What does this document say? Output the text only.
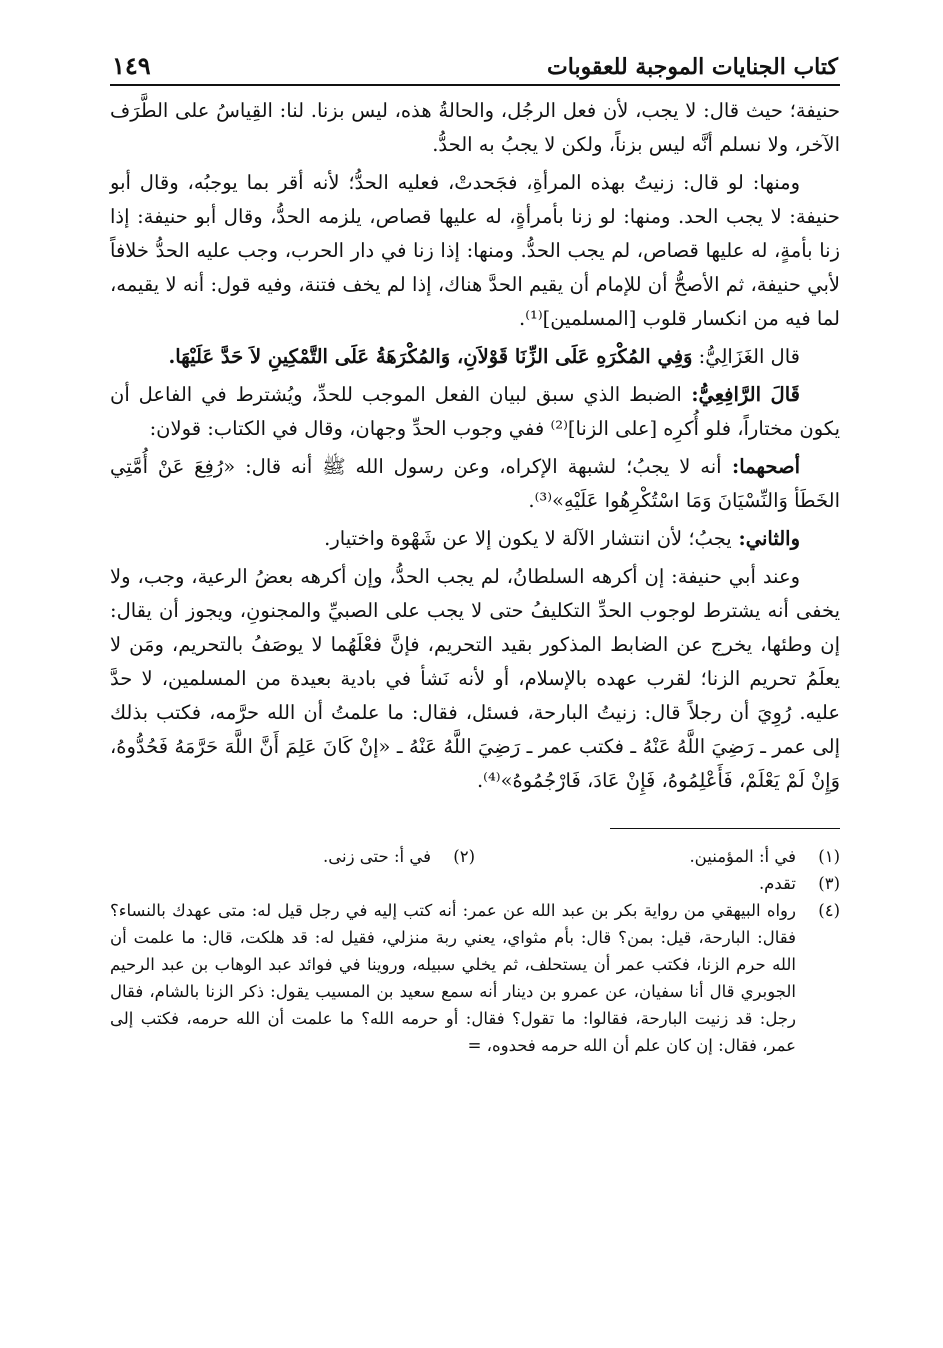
كتاب الجنايات الموجبة للعقوبات
١٤٩

حنيفة؛ حيث قال: لا يجب، لأن فعل الرجُل، والحالةُ هذه، ليس بزنا. لنا: القِياسُ على الطَّرَف الآخر، ولا نسلم أنَّه ليس بزناً، ولكن لا يجبُ به الحدُّ.

ومنها: لو قال: زنيتُ بهذه المرأةِ، فجَحدتْ، فعليه الحدُّ؛ لأنه أقر بما يوجبُه، وقال أبو حنيفة: لا يجب الحد. ومنها: لو زنا بأمرأةٍ، له عليها قصاص، يلزمه الحدُّ، وقال أبو حنيفة: إذا زنا بأمةٍ، له عليها قصاص، لم يجب الحدُّ. ومنها: إذا زنا في دار الحرب، وجب عليه الحدُّ خلافاً لأبي حنيفة، ثم الأصحُّ أن للإمام أن يقيم الحدَّ هناك، إذا لم يخف فتنة، وفيه قول: أنه لا يقيمه، لما فيه من انكسار قلوب [المسلمين]⁽¹⁾.

قال الغَزَالِيُّ: وَفِي المُكْرَهِ عَلَى الزِّنَا قَوْلاَنِ، وَالمُكْرَهَةُ عَلَى التَّمْكِينِ لاَ حَدَّ عَلَيْهَا.

قَالَ الرَّافِعِيُّ: الضبط الذي سبق لبيان الفعل الموجب للحدِّ، ويُشترط في الفاعل أن يكون مختاراً، فلو أُكرِه [على الزنا]⁽²⁾ ففي وجوب الحدِّ وجهان، وقال في الكتاب: قولان:

أصحهما: أنه لا يجبُ؛ لشبهة الإكراه، وعن رسول الله ﷺ أنه قال: «رُفِعَ عَنْ أُمَّتِي الخَطَأ وَالنِّسْيَانَ وَمَا اسْتُكْرِهُوا عَلَيْهِ»⁽³⁾.

والثاني: يجبُ؛ لأن انتشار الآلة لا يكون إلا عن شَهْوة واختيار.

وعند أبي حنيفة: إن أكرهه السلطانُ، لم يجب الحدُّ، وإن أكرهه بعضُ الرعية، وجب، ولا يخفى أنه يشترط لوجوب الحدِّ التكليفُ حتى لا يجب على الصبيِّ والمجنونِ، ويجوز أن يقال: إن وطئها، يخرج عن الضابط المذكور بقيد التحريم، فإنَّ فعْلَهُما لا يوصَفُ بالتحريم، ومَن لا يعلَمُ تحريم الزنا؛ لقرب عهده بالإسلام، أو لأنه نَشأ في بادية بعيدة من المسلمين، لا حدَّ عليه. رُوِيَ أن رجلاً قال: زنيتُ البارحة، فسئل، فقال: ما علمتُ أن الله حرَّمه، فكتب بذلك إلى عمر ـ رَضِيَ اللَّهُ عَنْهُ ـ فكتب عمر ـ رَضِيَ اللَّهُ عَنْهُ ـ «إنْ كَانَ عَلِمَ أَنَّ اللَّهَ حَرَّمَهُ فَحُدُّوهُ، وَإِنْ لَمْ يَعْلَمْ، فَأَعْلِمُوهُ، فَإِنْ عَادَ، فَارْجُمُوهُ»⁽⁴⁾.

(١)
في أ: المؤمنين.
(٢)
في أ: حتى زنى.
(٣)
تقدم.
(٤)
رواه البيهقي من رواية بكر بن عبد الله عن عمر: أنه كتب إليه في رجل قيل له: متى عهدك بالنساء؟ فقال: البارحة، قيل: بمن؟ قال: بأم مثواي، يعني ربة منزلي، فقيل له: قد هلكت، قال: ما علمت أن الله حرم الزنا، فكتب عمر أن يستحلف، ثم يخلي سبيله، وروينا في فوائد عبد الوهاب بن عبد الرحيم الجوبري قال أنا سفيان، عن عمرو بن دينار أنه سمع سعيد بن المسيب يقول: ذكر الزنا بالشام، فقال رجل: قد زنيت البارحة، فقالوا: ما تقول؟ فقال: أو حرمه الله؟ ما علمت أن الله حرمه، فكتب إلى عمر، فقال: إن كان علم أن الله حرمه فحدوه، =
